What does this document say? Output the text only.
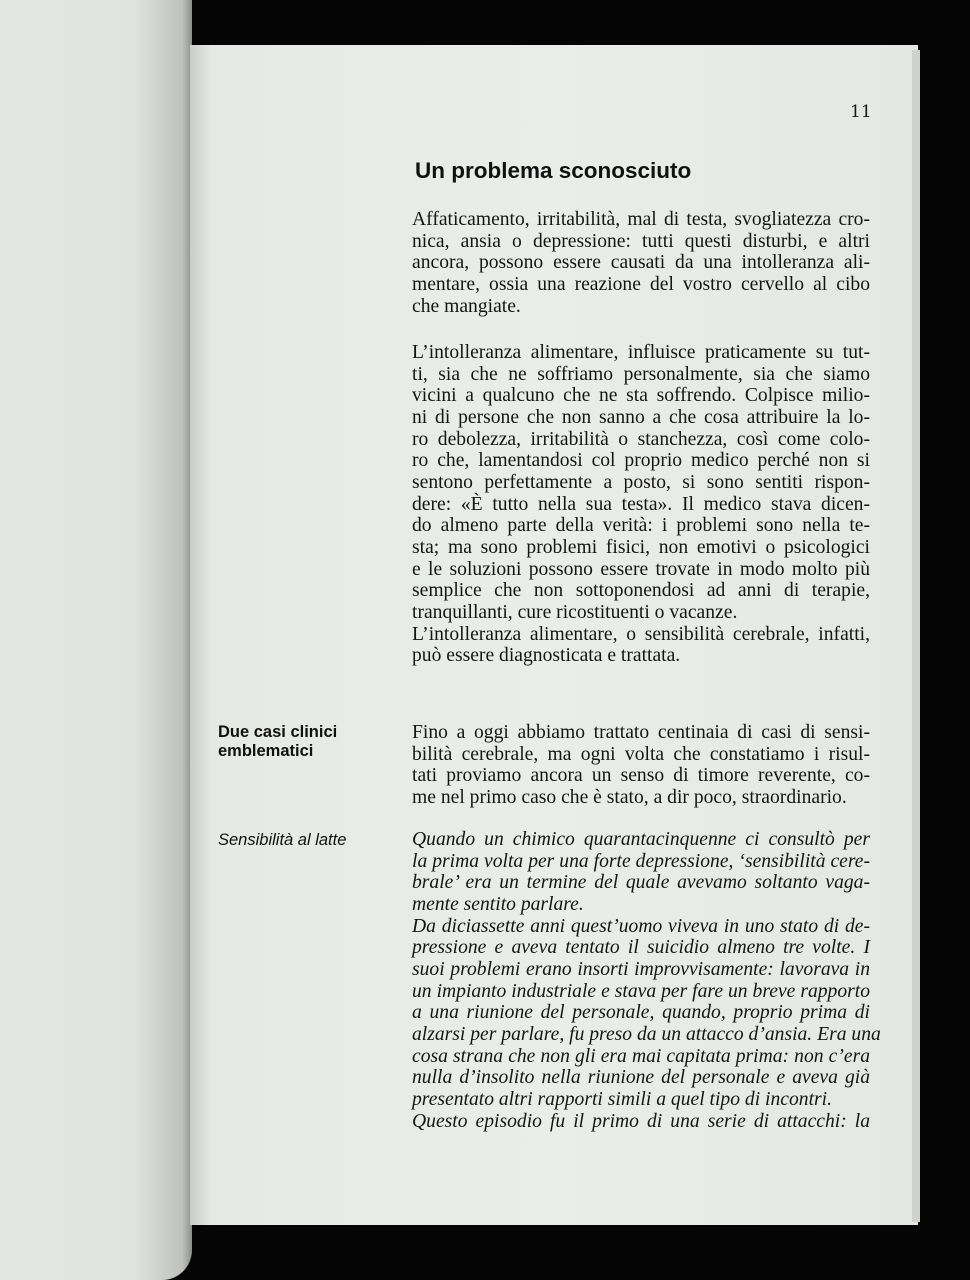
11
Un problema sconosciuto
Due casi clinici
emblematici
Sensibilità al latte
Affaticamento, irritabilità, mal di testa, svogliatezza cro-
nica, ansia o depressione: tutti questi disturbi, e altri
ancora, possono essere causati da una intolleranza ali-
mentare, ossia una reazione del vostro cervello al cibo
che mangiate.
L’intolleranza alimentare, influisce praticamente su tut-
ti, sia che ne soffriamo personalmente, sia che siamo
vicini a qualcuno che ne sta soffrendo. Colpisce milio-
ni di persone che non sanno a che cosa attribuire la lo-
ro debolezza, irritabilità o stanchezza, così come colo-
ro che, lamentandosi col proprio medico perché non si
sentono perfettamente a posto, si sono sentiti rispon-
dere: «È tutto nella sua testa». Il medico stava dicen-
do almeno parte della verità: i problemi sono nella te-
sta; ma sono problemi fisici, non emotivi o psicologici
e le soluzioni possono essere trovate in modo molto più
semplice che non sottoponendosi ad anni di terapie,
tranquillanti, cure ricostituenti o vacanze.
L’intolleranza alimentare, o sensibilità cerebrale, infatti,
può essere diagnosticata e trattata.
Fino a oggi abbiamo trattato centinaia di casi di sensi-
bilità cerebrale, ma ogni volta che constatiamo i risul-
tati proviamo ancora un senso di timore reverente, co-
me nel primo caso che è stato, a dir poco, straordinario.
Quando un chimico quarantacinquenne ci consultò per
la prima volta per una forte depressione, ‘sensibilità cere-
brale’ era un termine del quale avevamo soltanto vaga-
mente sentito parlare.
Da diciassette anni quest’uomo viveva in uno stato di de-
pressione e aveva tentato il suicidio almeno tre volte. I
suoi problemi erano insorti improvvisamente: lavorava in
un impianto industriale e stava per fare un breve rapporto
a una riunione del personale, quando, proprio prima di
alzarsi per parlare, fu preso da un attacco d’ansia. Era una
cosa strana che non gli era mai capitata prima: non c’era
nulla d’insolito nella riunione del personale e aveva già
presentato altri rapporti simili a quel tipo di incontri.
Questo episodio fu il primo di una serie di attacchi: la
